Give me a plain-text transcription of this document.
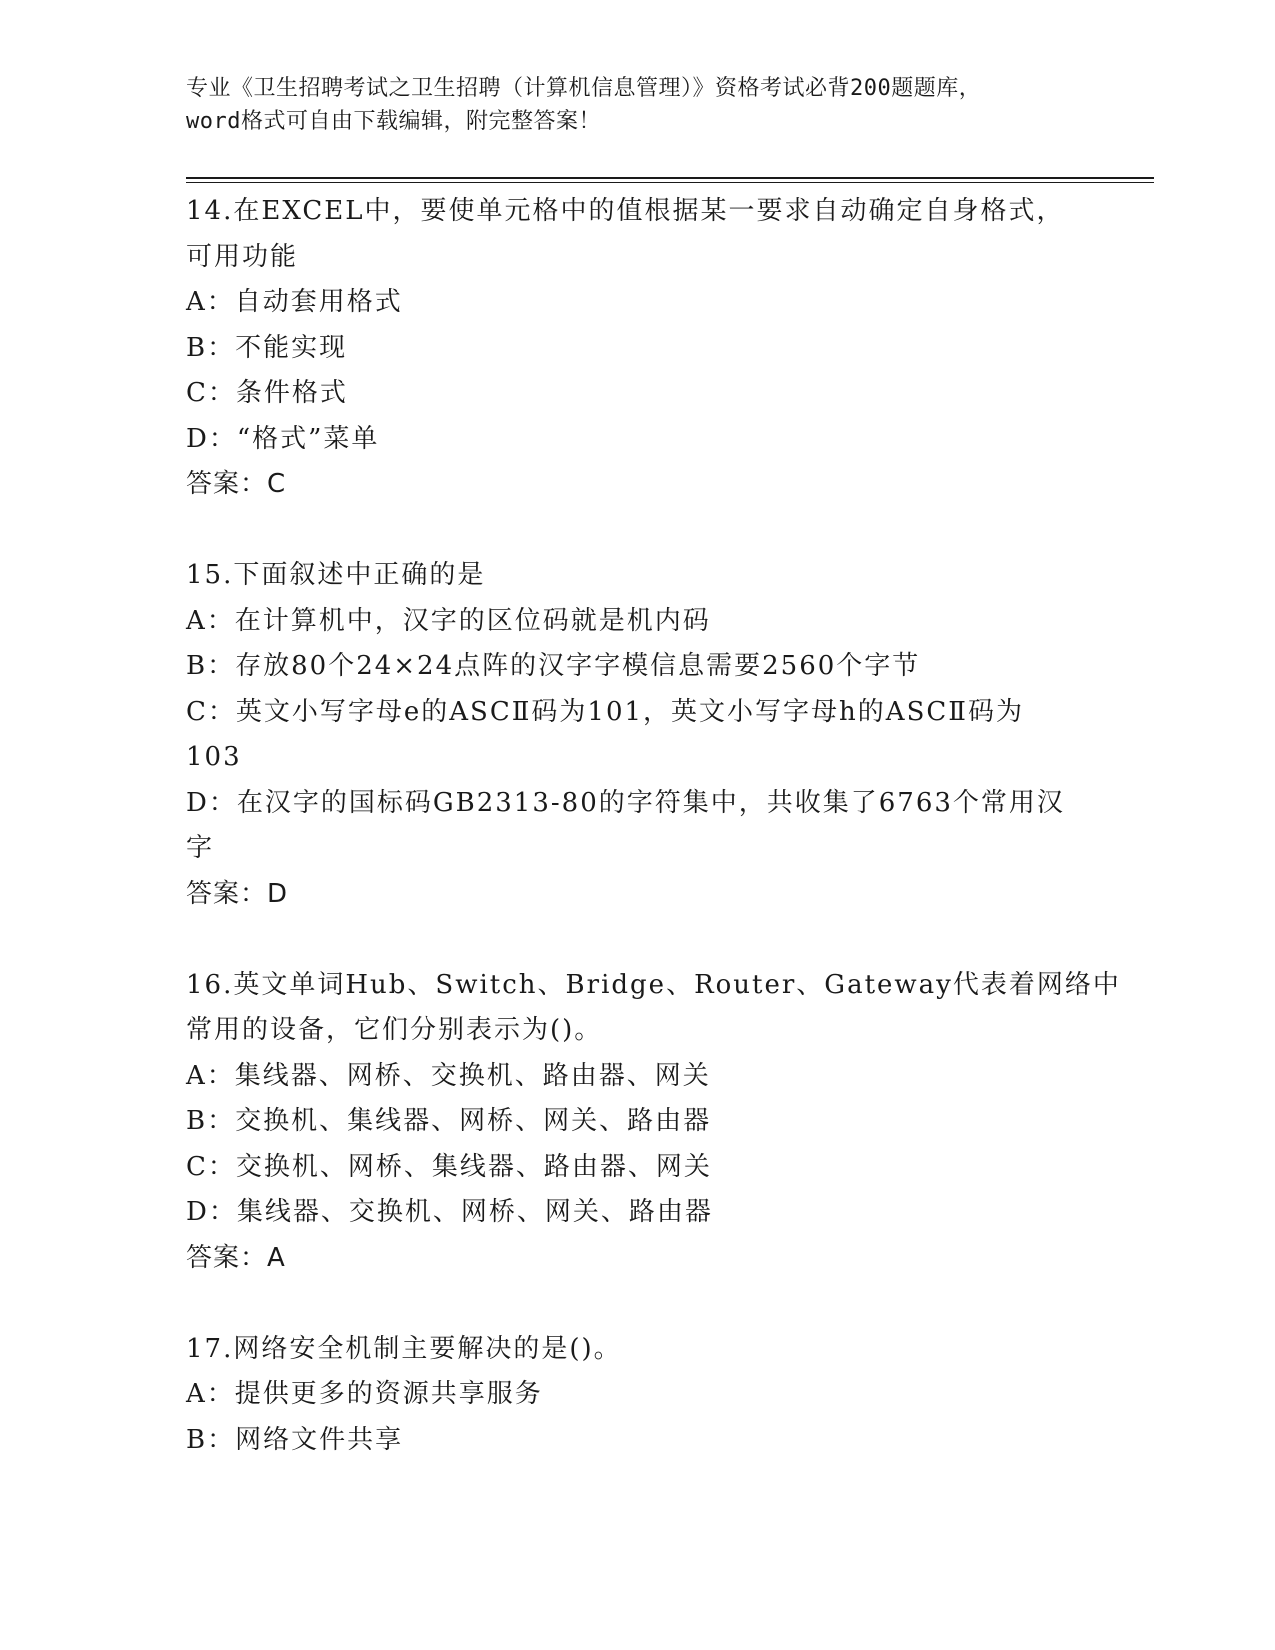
专业《卫生招聘考试之卫生招聘（计算机信息管理）》资格考试必背200题题库，
word格式可自由下载编辑，附完整答案！
14.在EXCEL中，要使单元格中的值根据某一要求自动确定自身格式，
可用功能
A：自动套用格式
B：不能实现
C：条件格式
D：“格式”菜单
答案：C
15.下面叙述中正确的是
A：在计算机中，汉字的区位码就是机内码
B：存放80个24×24点阵的汉字字模信息需要2560个字节
C：英文小写字母e的ASCⅡ码为101，英文小写字母h的ASCⅡ码为
103
D：在汉字的国标码GB2313-80的字符集中，共收集了6763个常用汉
字
答案：D
16.英文单词Hub、Switch、Bridge、Router、Gateway代表着网络中
常用的设备，它们分别表示为()。
A：集线器、网桥、交换机、路由器、网关
B：交换机、集线器、网桥、网关、路由器
C：交换机、网桥、集线器、路由器、网关
D：集线器、交换机、网桥、网关、路由器
答案：A
17.网络安全机制主要解决的是()。
A：提供更多的资源共享服务
B：网络文件共享
